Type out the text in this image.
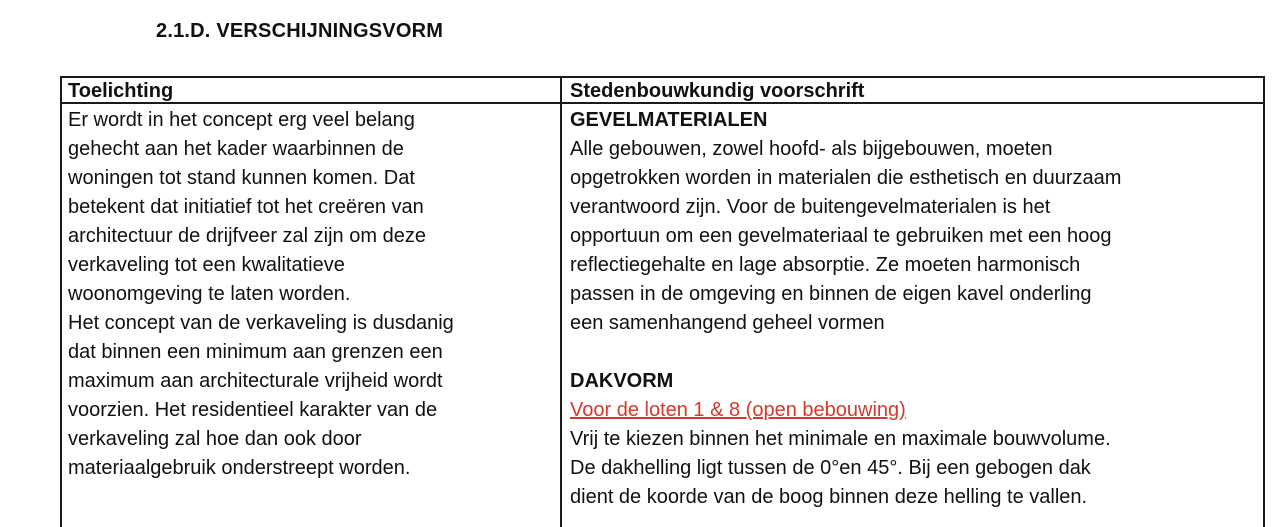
2.1.D. VERSCHIJNINGSVORM
Toelichting	Stedenbouwkundig voorschrift
Er wordt in het concept erg veel belang
gehecht aan het kader waarbinnen de
woningen tot stand kunnen komen. Dat
betekent dat initiatief tot het creëren van
architectuur de drijfveer zal zijn om deze
verkaveling tot een kwalitatieve
woonomgeving te laten worden.
Het concept van de verkaveling is dusdanig
dat binnen een minimum aan grenzen een
maximum aan architecturale vrijheid wordt
voorzien. Het residentieel karakter van de
verkaveling zal hoe dan ook door
materiaalgebruik onderstreept worden.
GEVELMATERIALEN
Alle gebouwen, zowel hoofd- als bijgebouwen, moeten
opgetrokken worden in materialen die esthetisch en duurzaam
verantwoord zijn. Voor de buitengevelmaterialen is het
opportuun om een gevelmateriaal te gebruiken met een hoog
reflectiegehalte en lage absorptie. Ze moeten harmonisch
passen in de omgeving en binnen de eigen kavel onderling
een samenhangend geheel vormen
DAKVORM
Voor de loten 1 & 8 (open bebouwing)
Vrij te kiezen binnen het minimale en maximale bouwvolume.
De dakhelling ligt tussen de 0°en 45°. Bij een gebogen dak
dient de koorde van de boog binnen deze helling te vallen.
